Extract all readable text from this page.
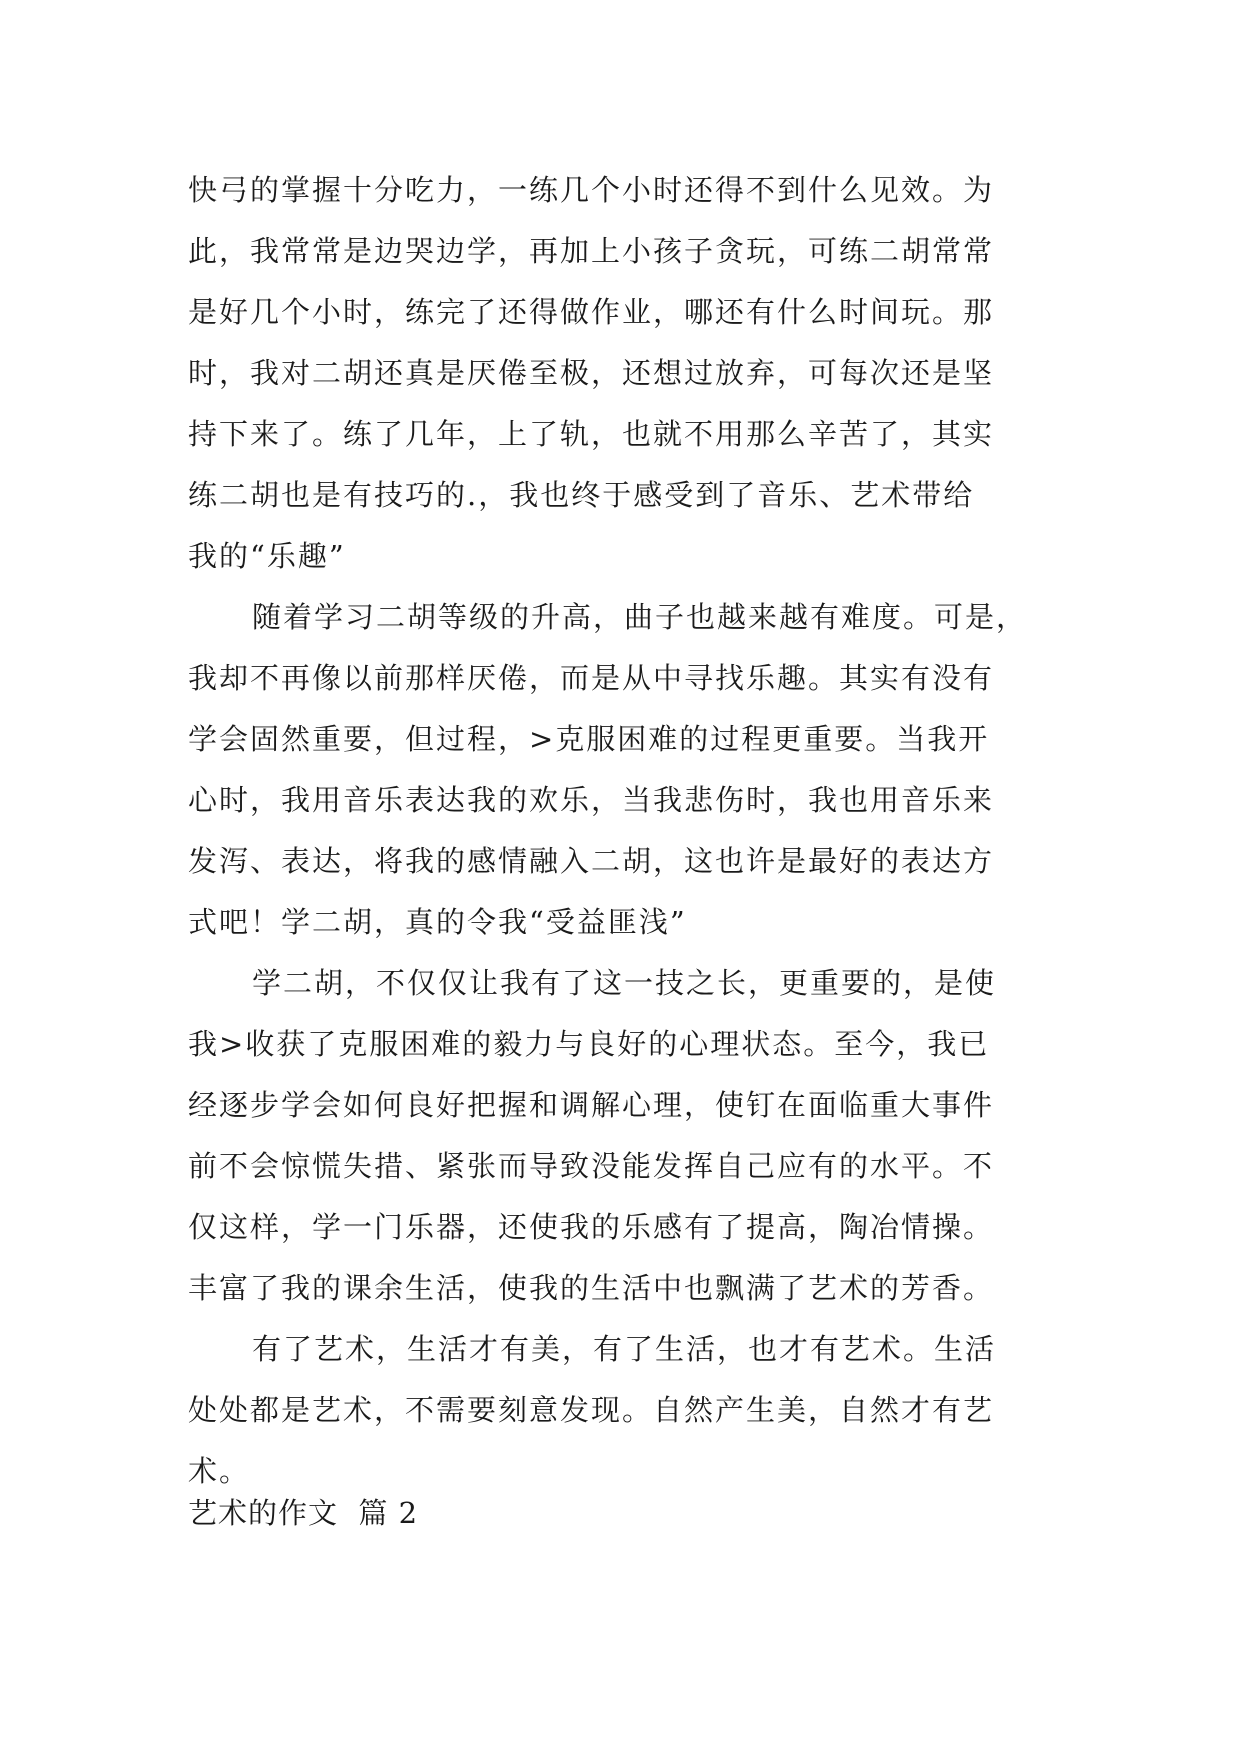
快弓的掌握十分吃力，一练几个小时还得不到什么见效。为
此，我常常是边哭边学，再加上小孩子贪玩，可练二胡常常
是好几个小时，练完了还得做作业，哪还有什么时间玩。那
时，我对二胡还真是厌倦至极，还想过放弃，可每次还是坚
持下来了。练了几年，上了轨，也就不用那么辛苦了，其实
练二胡也是有技巧的.，我也终于感受到了音乐、艺术带给
我的“乐趣”
随着学习二胡等级的升高，曲子也越来越有难度。可是，
我却不再像以前那样厌倦，而是从中寻找乐趣。其实有没有
学会固然重要，但过程，>克服困难的过程更重要。当我开
心时，我用音乐表达我的欢乐，当我悲伤时，我也用音乐来
发泻、表达，将我的感情融入二胡，这也许是最好的表达方
式吧！学二胡，真的令我“受益匪浅”
学二胡，不仅仅让我有了这一技之长，更重要的，是使
我>收获了克服困难的毅力与良好的心理状态。至今，我已
经逐步学会如何良好把握和调解心理，使钉在面临重大事件
前不会惊慌失措、紧张而导致没能发挥自己应有的水平。不
仅这样，学一门乐器，还使我的乐感有了提高，陶冶情操。
丰富了我的课余生活，使我的生活中也飘满了艺术的芳香。
有了艺术，生活才有美，有了生活，也才有艺术。生活
处处都是艺术，不需要刻意发现。自然产生美，自然才有艺
术。
艺术的作文  篇 2
